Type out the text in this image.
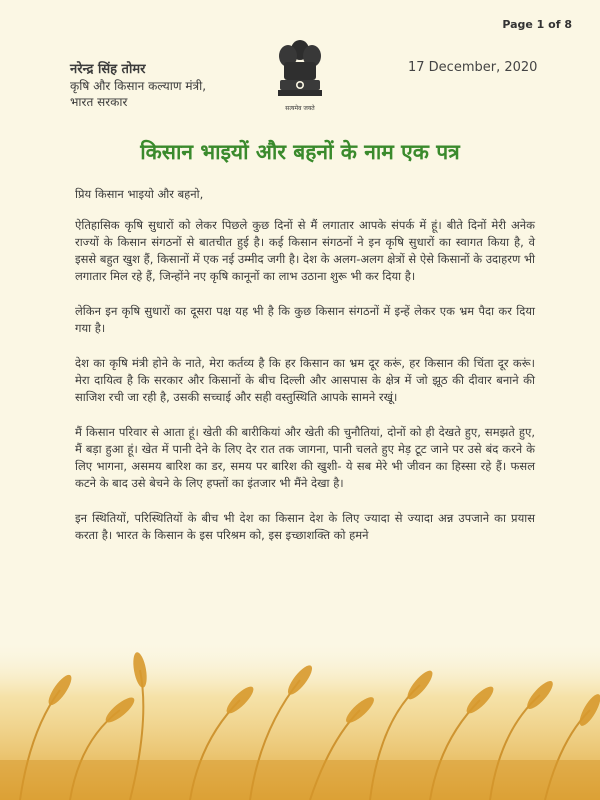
Page 1 of 8
नरेन्द्र सिंह तोमर
कृषि और किसान कल्याण मंत्री,
भारत सरकार	सत्यमेव जयते
17 December, 2020
किसान भाइयों और बहनों के नाम एक पत्र

प्रिय किसान भाइयो और बहनो,

ऐतिहासिक कृषि सुधारों को लेकर पिछले कुछ दिनों से मैं लगातार आपके संपर्क में हूं। बीते दिनों मेरी अनेक राज्यों के किसान संगठनों से बातचीत हुई है। कई किसान संगठनों ने इन कृषि सुधारों का स्वागत किया है, वे इससे बहुत खुश हैं, किसानों में एक नई उम्मीद जगी है। देश के अलग-अलग क्षेत्रों से ऐसे किसानों के उदाहरण भी लगातार मिल रहे हैं, जिन्होंने नए कृषि कानूनों का लाभ उठाना शुरू भी कर दिया है।

लेकिन इन कृषि सुधारों का दूसरा पक्ष यह भी है कि कुछ किसान संगठनों में इन्हें लेकर एक भ्रम पैदा कर दिया गया है।

देश का कृषि मंत्री होने के नाते, मेरा कर्तव्य है कि हर किसान का भ्रम दूर करूं, हर किसान की चिंता दूर करूं। मेरा दायित्व है कि सरकार और किसानों के बीच दिल्ली और आसपास के क्षेत्र में जो झूठ की दीवार बनाने की साजिश रची जा रही है, उसकी सच्चाई और सही वस्तुस्थिति आपके सामने रखूं।

मैं किसान परिवार से आता हूं। खेती की बारीकियां और खेती की चुनौतियां, दोनों को ही देखते हुए, समझते हुए, मैं बड़ा हुआ हूं। खेत में पानी देने के लिए देर रात तक जागना, पानी चलते हुए मेड़ टूट जाने पर उसे बंद करने के लिए भागना, असमय बारिश का डर, समय पर बारिश की खुशी- ये सब मेरे भी जीवन का हिस्सा रहे हैं। फसल कटने के बाद उसे बेचने के लिए हफ्तों का इंतजार भी मैंने देखा है।

इन स्थितियों, परिस्थितियों के बीच भी देश का किसान देश के लिए ज्यादा से ज्यादा अन्न उपजाने का प्रयास करता है। भारत के किसान के इस परिश्रम को, इस इच्छाशक्ति को हमने
